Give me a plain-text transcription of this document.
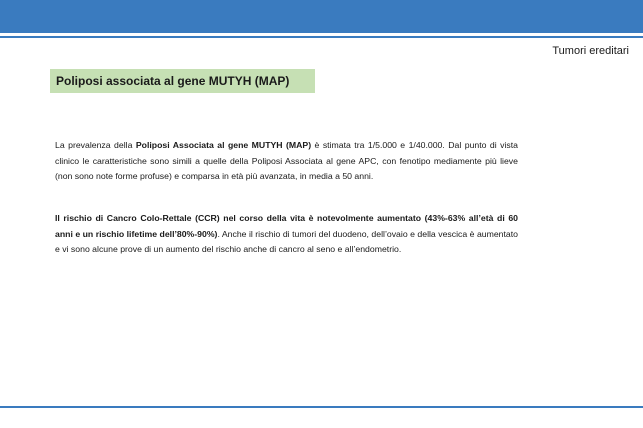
Tumori ereditari
Poliposi associata al gene MUTYH (MAP)

La prevalenza della Poliposi Associata al gene MUTYH (MAP) è stimata tra 1/5.000 e 1/40.000. Dal punto di vista clinico le caratteristiche sono simili a quelle della Poliposi Associata al gene APC, con fenotipo mediamente più lieve (non sono note forme profuse) e comparsa in età più avanzata, in media a 50 anni.

Il rischio di Cancro Colo-Rettale (CCR) nel corso della vita è notevolmente aumentato (43%-63% all’età di 60 anni e un rischio lifetime dell’80%-90%). Anche il rischio di tumori del duodeno, dell’ovaio e della vescica è aumentato e vi sono alcune prove di un aumento del rischio anche di cancro al seno e all’endometrio.
